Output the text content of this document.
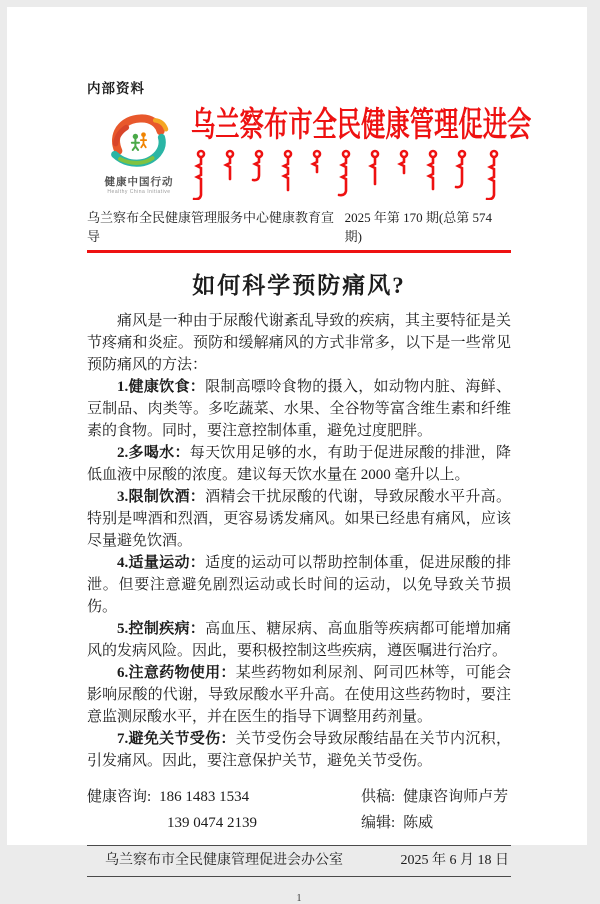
内部资料
健康中国行动
Healthy China Initiative
乌兰察布市全民健康管理促进会
乌兰察布全民健康管理服务中心健康教育宣导
2025 年第 170 期(总第 574 期)
如何科学预防痛风?

痛风是一种由于尿酸代谢紊乱导致的疾病，其主要特征是关节疼痛和炎症。预防和缓解痛风的方式非常多，以下是一些常见预防痛风的方法：

1.健康饮食：限制高嘌呤食物的摄入，如动物内脏、海鲜、豆制品、肉类等。多吃蔬菜、水果、全谷物等富含维生素和纤维素的食物。同时，要注意控制体重，避免过度肥胖。

2.多喝水：每天饮用足够的水，有助于促进尿酸的排泄，降低血液中尿酸的浓度。建议每天饮水量在 2000 毫升以上。

3.限制饮酒：酒精会干扰尿酸的代谢，导致尿酸水平升高。特别是啤酒和烈酒，更容易诱发痛风。如果已经患有痛风，应该尽量避免饮酒。

4.适量运动：适度的运动可以帮助控制体重，促进尿酸的排泄。但要注意避免剧烈运动或长时间的运动，以免导致关节损伤。

5.控制疾病：高血压、糖尿病、高血脂等疾病都可能增加痛风的发病风险。因此，要积极控制这些疾病，遵医嘱进行治疗。

6.注意药物使用：某些药物如利尿剂、阿司匹林等，可能会影响尿酸的代谢，导致尿酸水平升高。在使用这些药物时，要注意监测尿酸水平，并在医生的指导下调整用药剂量。

7.避免关节受伤：关节受伤会导致尿酸结晶在关节内沉积，引发痛风。因此，要注意保护关节，避免关节受伤。

健康咨询: 186 1483 1534
139 0474 2139
供稿: 健康咨询师卢芳
编辑: 陈威
乌兰察布市全民健康管理促进会办公室	2025 年 6 月 18 日
1
